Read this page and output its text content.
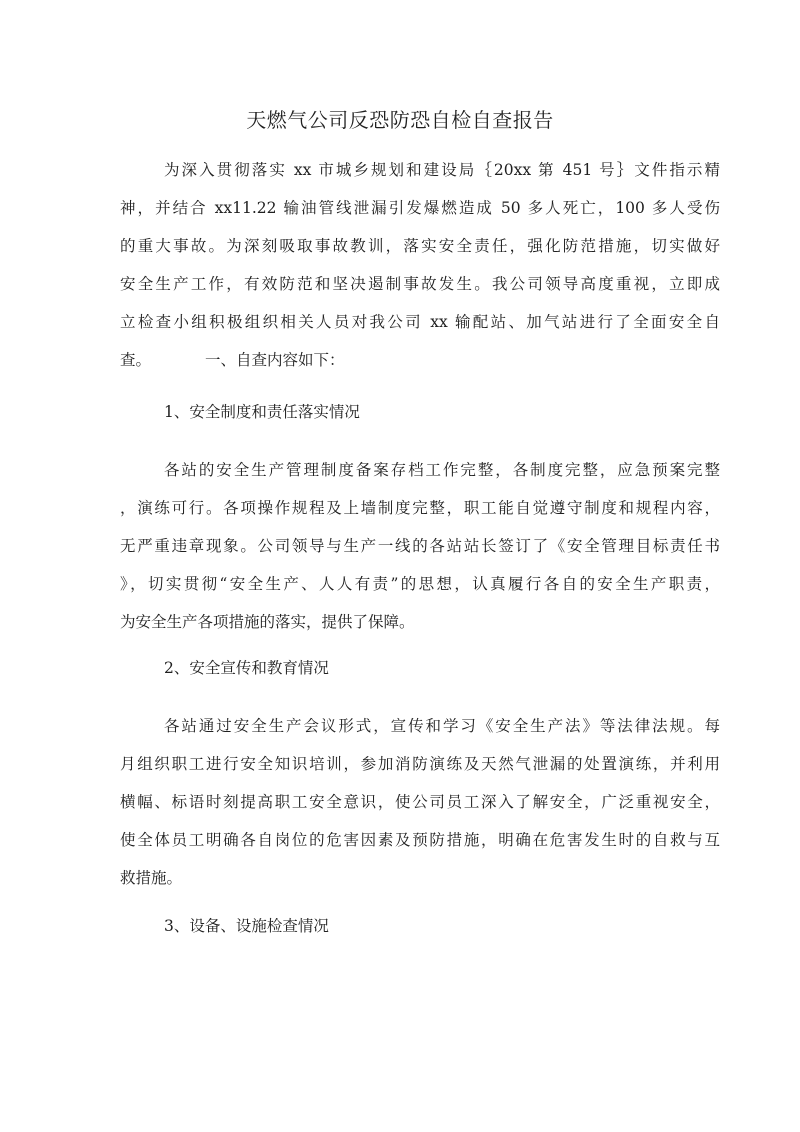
天燃气公司反恐防恐自检自查报告
为深入贯彻落实 xx 市城乡规划和建设局｛20xx 第 451 号｝文件指示精
神，并结合 xx11.22 输油管线泄漏引发爆燃造成 50 多人死亡，100 多人受伤
的重大事故。为深刻吸取事故教训，落实安全责任，强化防范措施，切实做好
安全生产工作，有效防范和坚决遏制事故发生。我公司领导高度重视，立即成
立检查小组积极组织相关人员对我公司 xx 输配站、加气站进行了全面安全自
查。	一、自查内容如下：
1、安全制度和责任落实情况
各站的安全生产管理制度备案存档工作完整，各制度完整，应急预案完整
，演练可行。各项操作规程及上墙制度完整，职工能自觉遵守制度和规程内容，
无严重违章现象。公司领导与生产一线的各站站长签订了《安全管理目标责任书
》，切实贯彻“安全生产、人人有责”的思想，认真履行各自的安全生产职责，
为安全生产各项措施的落实，提供了保障。
2、安全宣传和教育情况
各站通过安全生产会议形式，宣传和学习《安全生产法》等法律法规。每
月组织职工进行安全知识培训，参加消防演练及天然气泄漏的处置演练，并利用
横幅、标语时刻提高职工安全意识，使公司员工深入了解安全，广泛重视安全，
使全体员工明确各自岗位的危害因素及预防措施，明确在危害发生时的自救与互
救措施。
3、设备、设施检查情况
